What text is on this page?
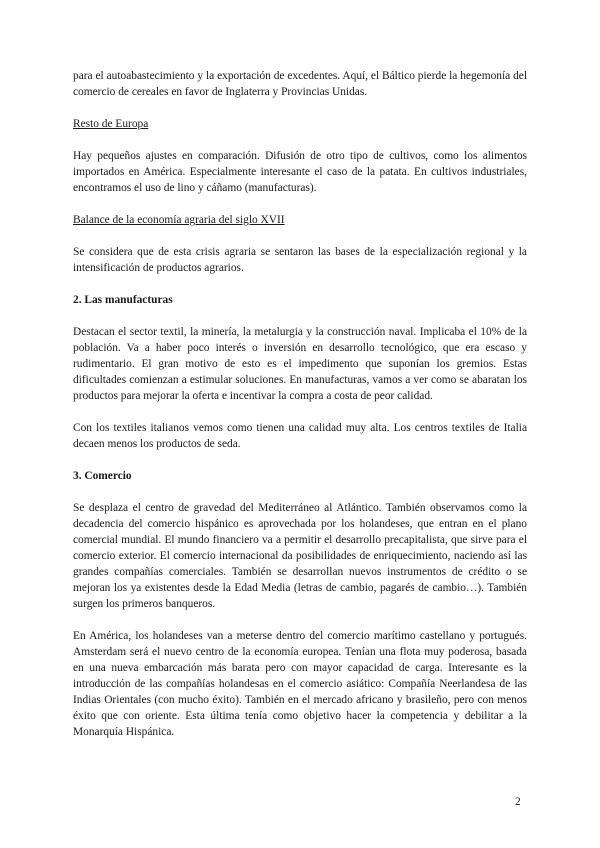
para el autoabastecimiento y la exportación de excedentes. Aquí, el Báltico pierde la hegemonía del comercio de cereales en favor de Inglaterra y Provincias Unidas.

Resto de Europa

Hay pequeños ajustes en comparación. Difusión de otro tipo de cultivos, como los alimentos importados en América. Especialmente interesante el caso de la patata. En cultivos industriales, encontramos el uso de lino y cáñamo (manufacturas).

Balance de la economía agraria del siglo XVII

Se considera que de esta crisis agraria se sentaron las bases de la especialización regional y la intensificación de productos agrarios.

2. Las manufacturas

Destacan el sector textil, la minería, la metalurgia y la construcción naval. Implicaba el 10% de la población. Va a haber poco interés o inversión en desarrollo tecnológico, que era escaso y rudimentario. El gran motivo de esto es el impedimento que suponían los gremios. Estas dificultades comienzan a estimular soluciones. En manufacturas, vamos a ver como se abaratan los productos para mejorar la oferta e incentivar la compra a costa de peor calidad.

Con los textiles italianos vemos como tienen una calidad muy alta. Los centros textiles de Italia decaen menos los productos de seda.

3. Comercio

Se desplaza el centro de gravedad del Mediterráneo al Atlántico. También observamos como la decadencia del comercio hispánico es aprovechada por los holandeses, que entran en el plano comercial mundial. El mundo financiero va a permitir el desarrollo precapitalista, que sirve para el comercio exterior. El comercio internacional da posibilidades de enriquecimiento, naciendo así las grandes compañías comerciales. También se desarrollan nuevos instrumentos de crédito o se mejoran los ya existentes desde la Edad Media (letras de cambio, pagarés de cambio…). También surgen los primeros banqueros.

En América, los holandeses van a meterse dentro del comercio marítimo castellano y portugués. Amsterdam será el nuevo centro de la economía europea. Tenían una flota muy poderosa, basada en una nueva embarcación más barata pero con mayor capacidad de carga. Interesante es la introducción de las compañías holandesas en el comercio asiático: Compañía Neerlandesa de las Indias Orientales (con mucho éxito). También en el mercado africano y brasileño, pero con menos éxito que con oriente. Esta última tenía como objetivo hacer la competencia y debilitar a la Monarquía Hispánica.

2
